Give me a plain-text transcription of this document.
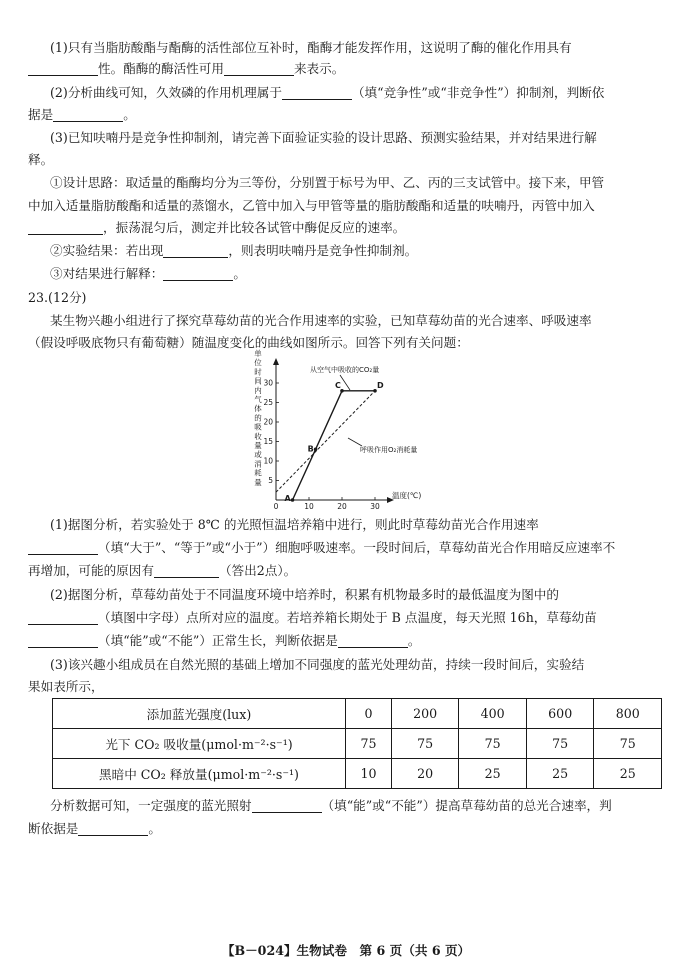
(1)只有当脂肪酸酯与酯酶的活性部位互补时，酯酶才能发挥作用，这说明了酶的催化作用具有

性。酯酶的酶活性可用	来表示。

(2)分析曲线可知，久效磷的作用机理属于	（填“竞争性”或“非竞争性”）抑制剂，判断依

据是	。

(3)已知呋喃丹是竞争性抑制剂，请完善下面验证实验的设计思路、预测实验结果，并对结果进行解

释。

①设计思路：取适量的酯酶均分为三等份，分别置于标号为甲、乙、丙的三支试管中。接下来，甲管

中加入适量脂肪酸酯和适量的蒸馏水，乙管中加入与甲管等量的脂肪酸酯和适量的呋喃丹，丙管中加入

，振荡混匀后，测定并比较各试管中酶促反应的速率。

②实验结果：若出现	，则表明呋喃丹是竞争性抑制剂。

③对结果进行解释：	。

23.(12分)

某生物兴趣小组进行了探究草莓幼苗的光合作用速率的实验，已知草莓幼苗的光合速率、呼吸速率

（假设呼吸底物只有葡萄糖）随温度变化的曲线如图所示。回答下列有关问题：

单
位
时
间
内
气
体
的
吸
收
量
或
消
耗
量 5
10
15
20
25
30
0	10	20	30
A
B
C	D
温度(℃)
从空气中吸收的CO₂量
呼吸作用O₂消耗量

(1)据图分析，若实验处于 8℃ 的光照恒温培养箱中进行，则此时草莓幼苗光合作用速率

（填“大于”、“等于”或“小于”）细胞呼吸速率。一段时间后，草莓幼苗光合作用暗反应速率不

再增加，可能的原因有	（答出2点）。

(2)据图分析，草莓幼苗处于不同温度环境中培养时，积累有机物最多时的最低温度为图中的

（填图中字母）点所对应的温度。若培养箱长期处于 B 点温度，每天光照 16h，草莓幼苗

（填“能”或“不能”）正常生长，判断依据是	。

(3)该兴趣小组成员在自然光照的基础上增加不同强度的蓝光处理幼苗，持续一段时间后，实验结

果如表所示，

添加蓝光强度(lux)	0	200	400	600	800
光下 CO₂ 吸收量(μmol·m⁻²·s⁻¹)	75	75	75	75	75
黑暗中 CO₂ 释放量(μmol·m⁻²·s⁻¹)	10	20	25	25	25

分析数据可知，一定强度的蓝光照射	（填“能”或“不能”）提高草莓幼苗的总光合速率，判

断依据是	。

【B－024】生物试卷　第 6 页（共 6 页）
